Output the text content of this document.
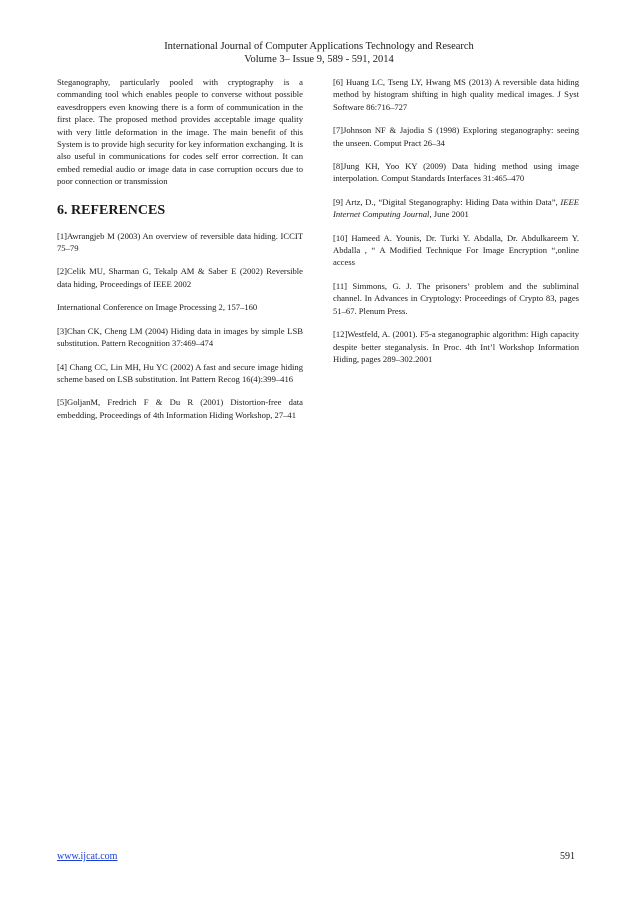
International Journal of Computer Applications Technology and Research
Volume 3– Issue 9, 589 - 591, 2014

Steganography, particularly pooled with cryptography is a commanding tool which enables people to converse without possible eavesdroppers even knowing there is a form of communication in the first place. The proposed method provides acceptable image quality with very little deformation in the image. The main benefit of this System is to provide high security for key information exchanging. It is also useful in communications for codes self error correction. It can embed remedial audio or image data in case corruption occurs due to poor connection or transmission

6. REFERENCES

[1]Awrangjeb M (2003) An overview of reversible data hiding. ICCIT 75–79

[2]Celik MU, Sharman G, Tekalp AM & Saber E (2002) Reversible data hiding, Proceedings of IEEE 2002

International Conference on Image Processing 2, 157–160

[3]Chan CK, Cheng LM (2004) Hiding data in images by simple LSB substitution. Pattern Recognition 37:469–474

[4] Chang CC, Lin MH, Hu YC (2002) A fast and secure image hiding scheme based on LSB substitution. Int Pattern Recog 16(4):399–416

[5]GoljanM, Fredrich F & Du R (2001) Distortion-free data embedding, Proceedings of 4th Information Hiding Workshop, 27–41

[6] Huang LC, Tseng LY, Hwang MS (2013) A reversible data hiding method by histogram shifting in high quality medical images. J Syst Software 86:716–727

[7]Johnson NF & Jajodia S (1998) Exploring steganography: seeing the unseen. Comput Pract 26–34

[8]Jung KH, Yoo KY (2009) Data hiding method using image interpolation. Comput Standards Interfaces 31:465–470

[9] Artz, D., “Digital Steganography: Hiding Data within Data”, IEEE Internet Computing Journal, June 2001

[10] Hameed A. Younis, Dr. Turki Y. Abdalla, Dr. Abdulkareem Y. Abdalla , “ A Modified Technique For Image Encryption “,online access

[11] Simmons, G. J. The prisoners’ problem and the subliminal channel. In Advances in Cryptology: Proceedings of Crypto 83, pages 51–67. Plenum Press.

[12]Westfeld, A. (2001). F5-a steganographic algorithm: High capacity despite better steganalysis. In Proc. 4th Int’l Workshop Information Hiding, pages 289–302.2001

www.ijcat.com	591
